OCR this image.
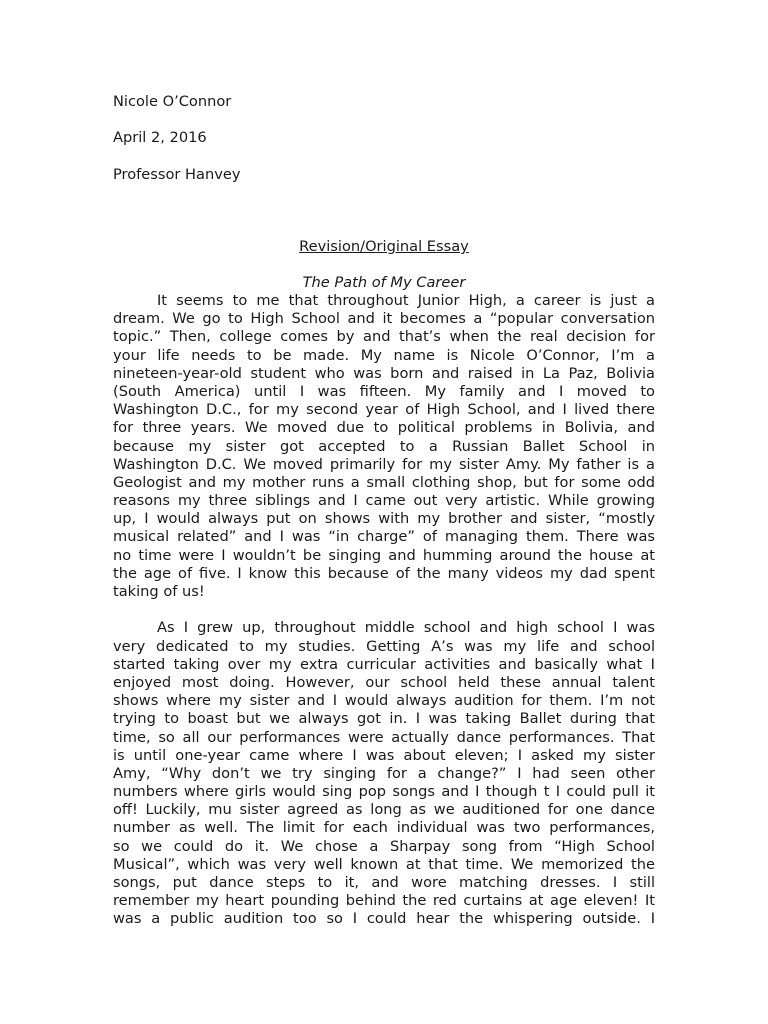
Nicole O’Connor
April 2, 2016
Professor Hanvey
Revision/Original Essay
The Path of My Career
It seems to me that throughout Junior High, a career is just a
dream. We go to High School and it becomes a “popular conversation
topic.” Then, college comes by and that’s when the real decision for
your life needs to be made. My name is Nicole O’Connor, I’m a
nineteen-year-old student who was born and raised in La Paz, Bolivia
(South America) until I was fifteen. My family and I moved to
Washington D.C., for my second year of High School, and I lived there
for three years. We moved due to political problems in Bolivia, and
because my sister got accepted to a Russian Ballet School in
Washington D.C. We moved primarily for my sister Amy. My father is a
Geologist and my mother runs a small clothing shop, but for some odd
reasons my three siblings and I came out very artistic. While growing
up, I would always put on shows with my brother and sister, “mostly
musical related” and I was “in charge” of managing them. There was
no time were I wouldn’t be singing and humming around the house at
the age of five. I know this because of the many videos my dad spent
taking of us!
As I grew up, throughout middle school and high school I was
very dedicated to my studies. Getting A’s was my life and school
started taking over my extra curricular activities and basically what I
enjoyed most doing. However, our school held these annual talent
shows where my sister and I would always audition for them. I’m not
trying to boast but we always got in. I was taking Ballet during that
time, so all our performances were actually dance performances. That
is until one-year came where I was about eleven; I asked my sister
Amy, “Why don’t we try singing for a change?” I had seen other
numbers where girls would sing pop songs and I though t I could pull it
off! Luckily, mu sister agreed as long as we auditioned for one dance
number as well. The limit for each individual was two performances,
so we could do it. We chose a Sharpay song from “High School
Musical”, which was very well known at that time. We memorized the
songs, put dance steps to it, and wore matching dresses. I still
remember my heart pounding behind the red curtains at age eleven! It
was a public audition too so I could hear the whispering outside. I
